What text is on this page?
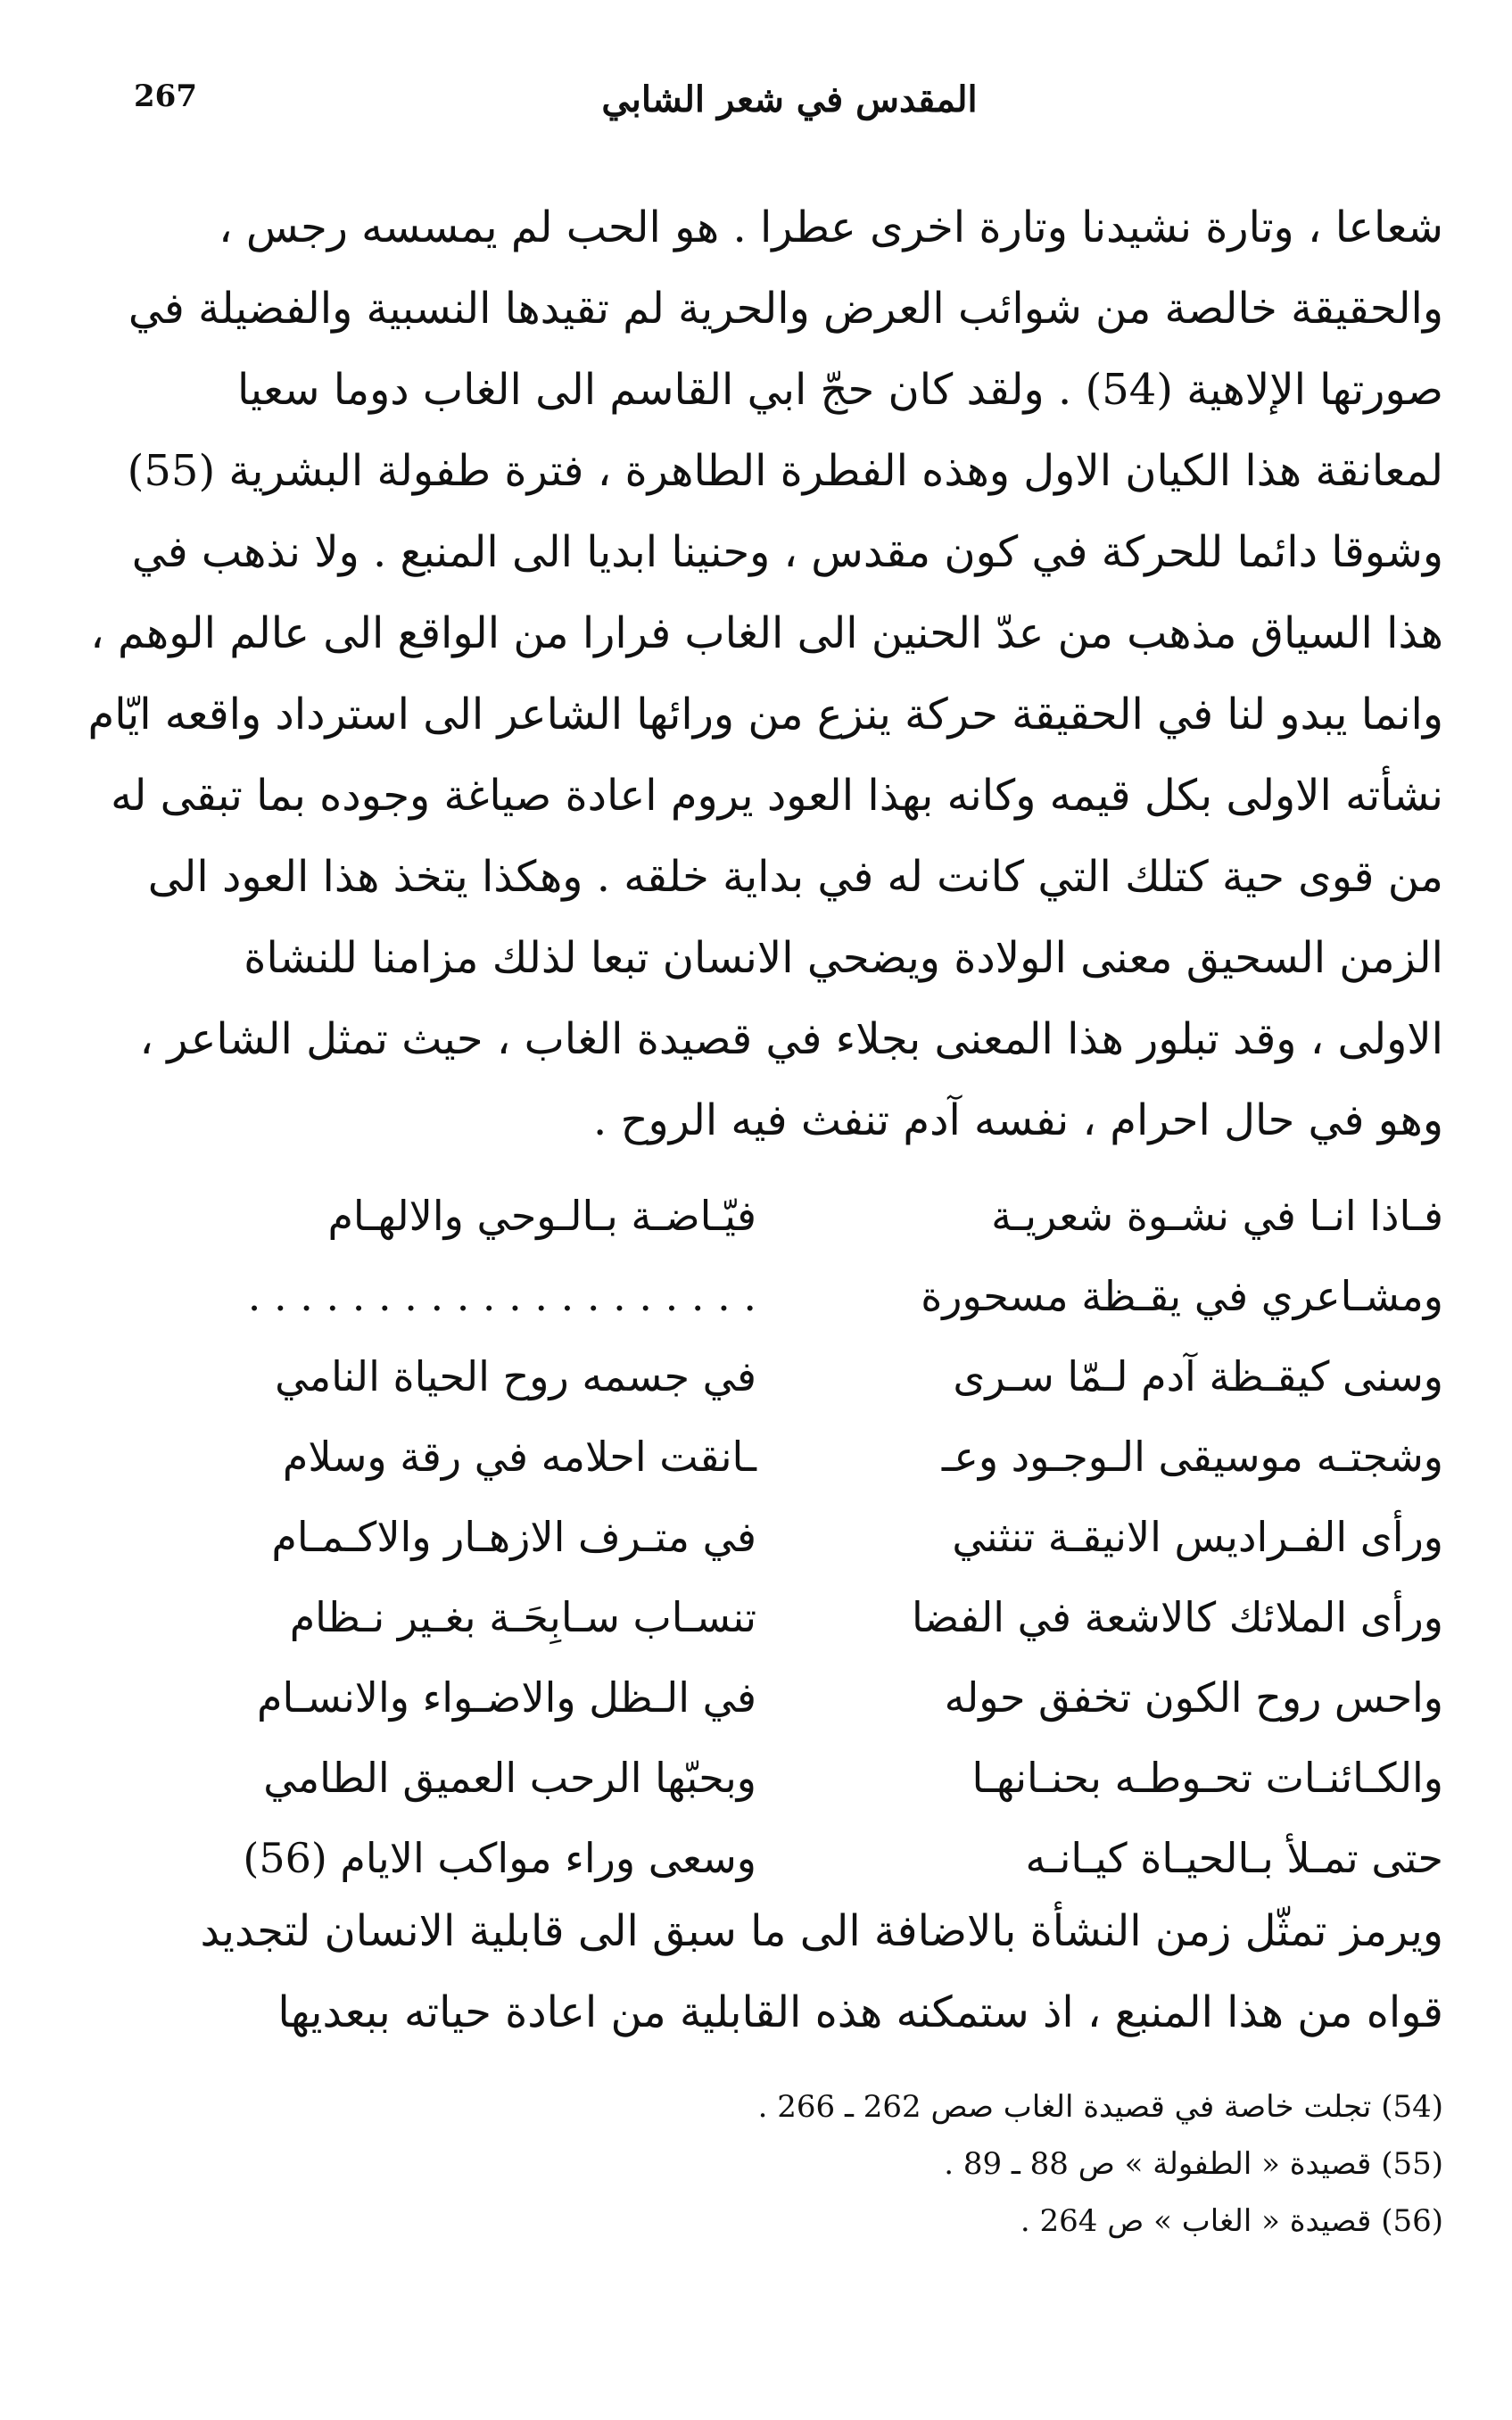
267	المقدس في شعر الشابي
شعاعا ، وتارة نشيدنا وتارة اخرى عطرا . هو الحب لم يمسسه رجس ،
والحقيقة خالصة من شوائب العرض والحرية لم تقيدها النسبية والفضيلة في
صورتها الإلاهية (54) . ولقد كان حجّ ابي القاسم الى الغاب دوما سعيا
لمعانقة هذا الكيان الاول وهذه الفطرة الطاهرة ، فترة طفولة البشرية (55)
وشوقا دائما للحركة في كون مقدس ، وحنينا ابديا الى المنبع . ولا نذهب في
هذا السياق مذهب من عدّ الحنين الى الغاب فرارا من الواقع الى عالم الوهم ،
وانما يبدو لنا في الحقيقة حركة ينزع من ورائها الشاعر الى استرداد واقعه ايّام
نشأته الاولى بكل قيمه وكانه بهذا العود يروم اعادة صياغة وجوده بما تبقى له
من قوى حية كتلك التي كانت له في بداية خلقه . وهكذا يتخذ هذا العود الى
الزمن السحيق معنى الولادة ويضحي الانسان تبعا لذلك مزامنا للنشاة
الاولى ، وقد تبلور هذا المعنى بجلاء في قصيدة الغاب ، حيث تمثل الشاعر ،
وهو في حال احرام ، نفسه آدم تنفث فيه الروح .
فـاذا انـا في نشـوة شعريـة
فيّـاضـة بـالـوحي والالهـام
ومشـاعري في يقـظة مسحورة
. . . . . . . . . . . . . . . . . . . .
وسنى كيقـظة آدم لـمّا سـرى
في جسمه روح الحياة النامي
وشجتـه موسيقى الـوجـود وعـ
ـانقت احلامه في رقة وسلام
ورأى الفـراديس الانيقـة تنثني
في متـرف الازهـار والاكـمـام
ورأى الملائك كالاشعة في الفضا
تنسـاب سـابِحَـة بغـير نـظام
واحس روح الكون تخفق حوله
في الـظل والاضـواء والانسـام
والكـائنـات تحـوطـه بحنـانهـا
وبحبّها الرحب العميق الطامي
حتى تمـلأ بـالحيـاة كيـانـه
وسعى وراء مواكب الايام (56)
ويرمز تمثّل زمن النشأة بالاضافة الى ما سبق الى قابلية الانسان لتجديد
قواه من هذا المنبع ، اذ ستمكنه هذه القابلية من اعادة حياته ببعديها
(54) تجلت خاصة في قصيدة الغاب صص 262 ـ 266 .
(55) قصيدة « الطفولة » ص 88 ـ 89 .
(56) قصيدة « الغاب » ص 264 .
